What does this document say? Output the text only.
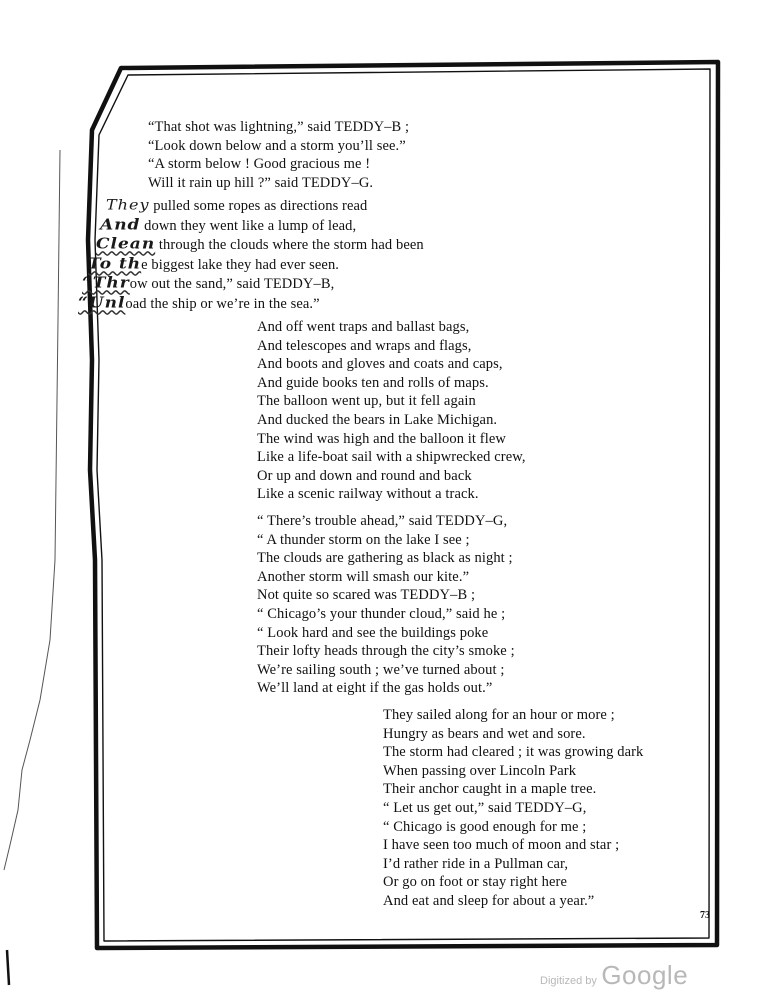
“That shot was lightning,” said TEDDY–B ;
“Look down below and a storm you’ll see.”
“A storm below ! Good gracious me !
Will it rain up hill ?” said TEDDY–G.
They pulled some ropes as directions read
And down they went like a lump of lead,
Clean through the clouds where the storm had been
To the biggest lake they had ever seen.
“Throw out the sand,” said TEDDY–B,
“Unload the ship or we’re in the sea.”
And off went traps and ballast bags,
And telescopes and wraps and flags,
And boots and gloves and coats and caps,
And guide books ten and rolls of maps.
The balloon went up, but it fell again
And ducked the bears in Lake Michigan.
The wind was high and the balloon it flew
Like a life-boat sail with a shipwrecked crew,
Or up and down and round and back
Like a scenic railway without a track.
“ There’s trouble ahead,” said TEDDY–G,
“ A thunder storm on the lake I see ;
The clouds are gathering as black as night ;
Another storm will smash our kite.”
Not quite so scared was TEDDY–B ;
“ Chicago’s your thunder cloud,” said he ;
“ Look hard and see the buildings poke
Their lofty heads through the city’s smoke ;
We’re sailing south ; we’ve turned about ;
We’ll land at eight if the gas holds out.”
They sailed along for an hour or more ;
Hungry as bears and wet and sore.
The storm had cleared ; it was growing dark
When passing over Lincoln Park
Their anchor caught in a maple tree.
“ Let us get out,” said TEDDY–G,
“ Chicago is good enough for me ;
I have seen too much of moon and star ;
I’d rather ride in a Pullman car,
Or go on foot or stay right here
And eat and sleep for about a year.”
73
Digitized by Google
